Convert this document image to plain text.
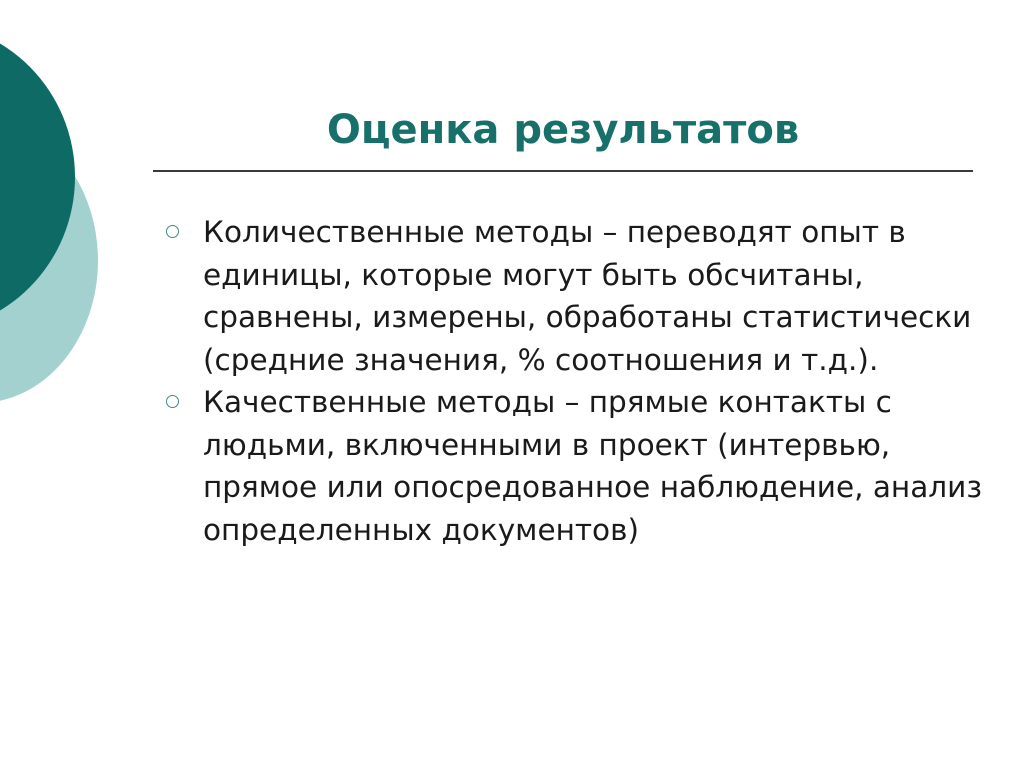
Оценка результатов
Количественные методы – переводят опыт в единицы, которые могут быть обсчитаны, сравнены, измерены, обработаны статистически (средние значения, % соотношения и т.д.).
Качественные методы – прямые контакты с людьми, включенными в проект (интервью, прямое или опосредованное наблюдение, анализ определенных документов)
